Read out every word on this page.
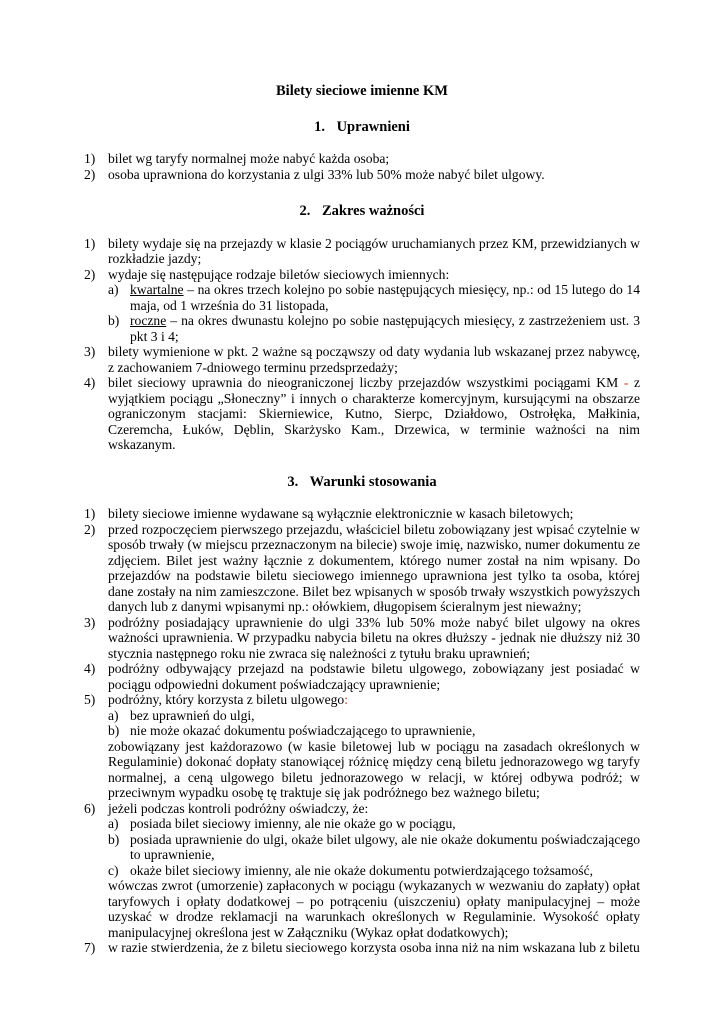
Bilety sieciowe imienne KM
1. Uprawnieni
1) bilet wg taryfy normalnej może nabyć każda osoba;
2) osoba uprawniona do korzystania z ulgi 33% lub 50% może nabyć bilet ulgowy.
2. Zakres ważności
1) bilety wydaje się na przejazdy w klasie 2 pociągów uruchamianych przez KM, przewidzianych w rozkładzie jazdy;
2) wydaje się następujące rodzaje biletów sieciowych imiennych:
a) kwartalne – na okres trzech kolejno po sobie następujących miesięcy, np.: od 15 lutego do 14 maja, od 1 września do 31 listopada,
b) roczne – na okres dwunastu kolejno po sobie następujących miesięcy, z zastrzeżeniem ust. 3 pkt 3 i 4;
3) bilety wymienione w pkt. 2 ważne są począwszy od daty wydania lub wskazanej przez nabywcę, z zachowaniem 7-dniowego terminu przedsprzedaży;
4) bilet sieciowy uprawnia do nieograniczonej liczby przejazdów wszystkimi pociągami KM - z wyjątkiem pociągu „Słoneczny” i innych o charakterze komercyjnym, kursującymi na obszarze ograniczonym stacjami: Skierniewice, Kutno, Sierpc, Działdowo, Ostrołęka, Małkinia, Czeremcha, Łuków, Dęblin, Skarżysko Kam., Drzewica, w terminie ważności na nim wskazanym.
3. Warunki stosowania
1) bilety sieciowe imienne wydawane są wyłącznie elektronicznie w kasach biletowych;
2) przed rozpoczęciem pierwszego przejazdu, właściciel biletu zobowiązany jest wpisać czytelnie w sposób trwały (w miejscu przeznaczonym na bilecie) swoje imię, nazwisko, numer dokumentu ze zdjęciem. Bilet jest ważny łącznie z dokumentem, którego numer został na nim wpisany. Do przejazdów na podstawie biletu sieciowego imiennego uprawniona jest tylko ta osoba, której dane zostały na nim zamieszczone. Bilet bez wpisanych w sposób trwały wszystkich powyższych danych lub z danymi wpisanymi np.: ołówkiem, długopisem ścieralnym jest nieważny;
3) podróżny posiadający uprawnienie do ulgi 33% lub 50% może nabyć bilet ulgowy na okres ważności uprawnienia. W przypadku nabycia biletu na okres dłuższy - jednak nie dłuższy niż 30 stycznia następnego roku nie zwraca się należności z tytułu braku uprawnień;
4) podróżny odbywający przejazd na podstawie biletu ulgowego, zobowiązany jest posiadać w pociągu odpowiedni dokument poświadczający uprawnienie;
5) podróżny, który korzysta z biletu ulgowego:
a) bez uprawnień do ulgi,
b) nie może okazać dokumentu poświadczającego to uprawnienie,
zobowiązany jest każdorazowo (w kasie biletowej lub w pociągu na zasadach określonych w Regulaminie) dokonać dopłaty stanowiącej różnicę między ceną biletu jednorazowego wg taryfy normalnej, a ceną ulgowego biletu jednorazowego w relacji, w której odbywa podróż; w przeciwnym wypadku osobę tę traktuje się jak podróżnego bez ważnego biletu;
6) jeżeli podczas kontroli podróżny oświadczy, że:
a) posiada bilet sieciowy imienny, ale nie okaże go w pociągu,
b) posiada uprawnienie do ulgi, okaże bilet ulgowy, ale nie okaże dokumentu poświadczającego to uprawnienie,
c) okaże bilet sieciowy imienny, ale nie okaże dokumentu potwierdzającego tożsamość,
wówczas zwrot (umorzenie) zapłaconych w pociągu (wykazanych w wezwaniu do zapłaty) opłat taryfowych i opłaty dodatkowej – po potrąceniu (uiszczeniu) opłaty manipulacyjnej – może uzyskać w drodze reklamacji na warunkach określonych w Regulaminie. Wysokość opłaty manipulacyjnej określona jest w Załączniku (Wykaz opłat dodatkowych);
7) w razie stwierdzenia, że z biletu sieciowego korzysta osoba inna niż na nim wskazana lub z biletu
